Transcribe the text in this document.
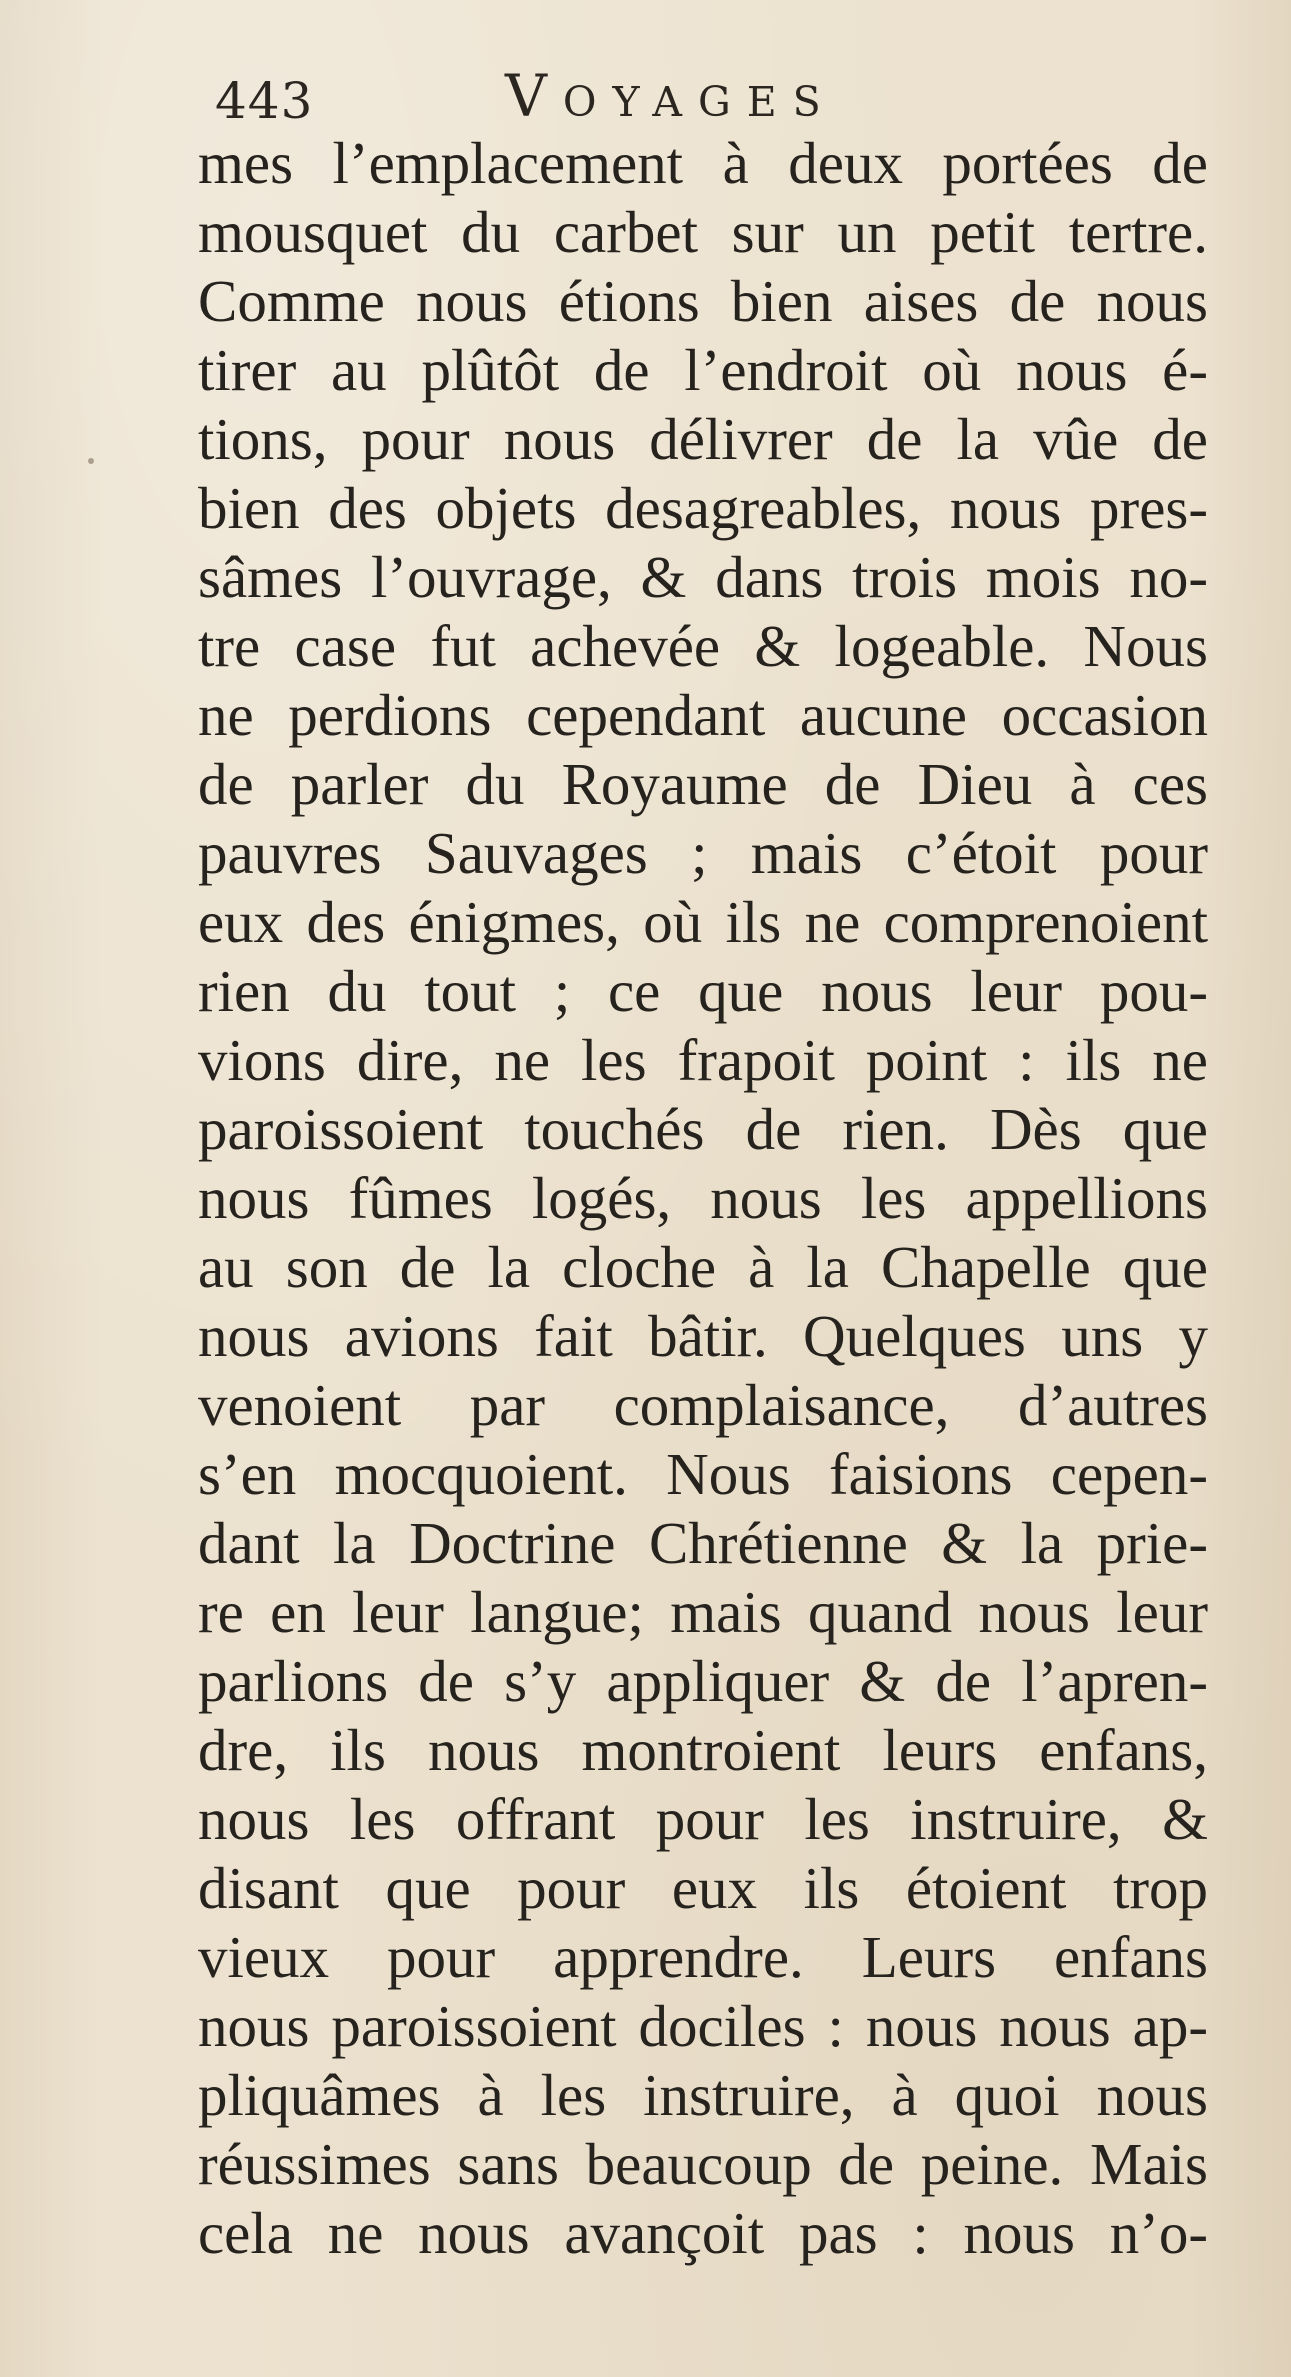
443	Voyages
mes l’emplacement à deux portées de
mousquet du carbet sur un petit tertre.
Comme nous étions bien aises de nous
tirer au plûtôt de l’endroit où nous é-
tions, pour nous délivrer de la vûe de
bien des objets desagreables, nous pres-
sâmes l’ouvrage, & dans trois mois no-
tre case fut achevée & logeable. Nous
ne perdions cependant aucune occasion
de parler du Royaume de Dieu à ces
pauvres Sauvages ; mais c’étoit pour
eux des énigmes, où ils ne comprenoient
rien du tout ; ce que nous leur pou-
vions dire, ne les frapoit point : ils ne
paroissoient touchés de rien. Dès que
nous fûmes logés, nous les appellions
au son de la cloche à la Chapelle que
nous avions fait bâtir. Quelques uns y
venoient par complaisance, d’autres
s’en mocquoient. Nous faisions cepen-
dant la Doctrine Chrétienne & la prie-
re en leur langue; mais quand nous leur
parlions de s’y appliquer & de l’apren-
dre, ils nous montroient leurs enfans,
nous les offrant pour les instruire, &
disant que pour eux ils étoient trop
vieux pour apprendre. Leurs enfans
nous paroissoient dociles : nous nous ap-
pliquâmes à les instruire, à quoi nous
réussimes sans beaucoup de peine. Mais
cela ne nous avançoit pas : nous n’o-
